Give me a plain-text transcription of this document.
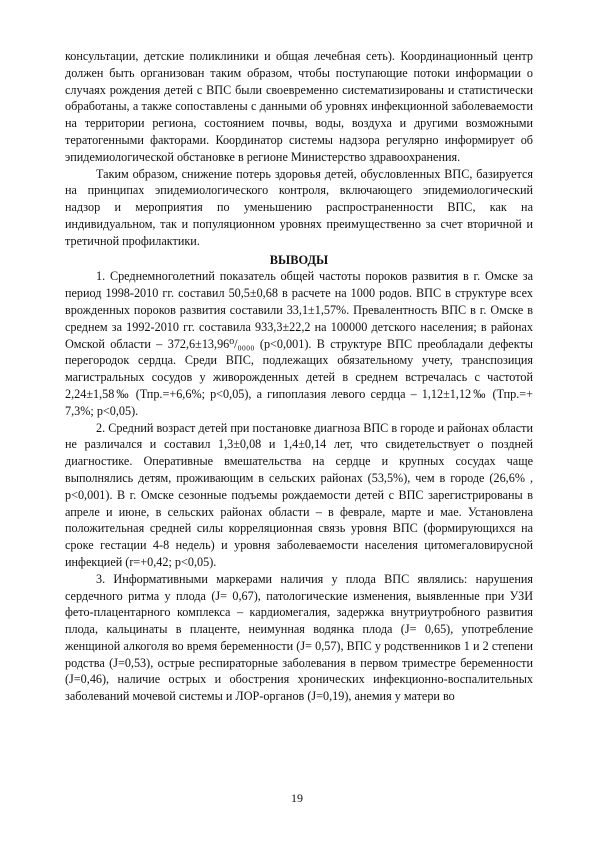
консультации, детские поликлиники и общая лечебная сеть). Координационный центр должен быть организован таким образом, чтобы поступающие потоки информации о случаях рождения детей с ВПС были своевременно систематизированы и статистически обработаны, а также сопоставлены с данными об уровнях инфекционной заболеваемости на территории региона, состоянием почвы, воды, воздуха и другими возможными тератогенными факторами. Координатор системы надзора регулярно информирует об эпидемиологической обстановке в регионе Министерство здравоохранения.

Таким образом, снижение потерь здоровья детей, обусловленных ВПС, базируется на принципах эпидемиологического контроля, включающего эпидемиологический надзор и мероприятия по уменьшению распространенности ВПС, как на индивидуальном, так и популяционном уровнях преимущественно за счет вторичной и третичной профилактики.

ВЫВОДЫ

1. Среднемноголетний показатель общей частоты пороков развития в г. Омске за период 1998-2010 гг. составил 50,5±0,68 в расчете на 1000 родов. ВПС в структуре всех врожденных пороков развития составили 33,1±1,57%. Превалентность ВПС в г. Омске в среднем за 1992-2010 гг. составила 933,3±22,2 на 100000 детского населения; в районах Омской области – 372,6±13,96⁰/₀₀₀₀ (р<0,001). В структуре ВПС преобладали дефекты перегородок сердца. Среди ВПС, подлежащих обязательному учету, транспозиция магистральных сосудов у живорожденных детей в среднем встречалась с частотой 2,24±1,58‰ (Тпр.=+6,6%; р<0,05), а гипоплазия левого сердца – 1,12±1,12‰ (Тпр.=+ 7,3%; р<0,05).

2. Средний возраст детей при постановке диагноза ВПС в городе и районах области не различался и составил 1,3±0,08 и 1,4±0,14 лет, что свидетельствует о поздней диагностике. Оперативные вмешательства на сердце и крупных сосудах чаще выполнялись детям, проживающим в сельских районах (53,5%), чем в городе (26,6% , р<0,001). В г. Омске сезонные подъемы рождаемости детей с ВПС зарегистрированы в апреле и июне, в сельских районах области – в феврале, марте и мае. Установлена положительная средней силы корреляционная связь уровня ВПС (формирующихся на сроке гестации 4-8 недель) и уровня заболеваемости населения цитомегаловирусной инфекцией (r=+0,42; р<0,05).

3. Информативными маркерами наличия у плода ВПС являлись: нарушения сердечного ритма у плода (J= 0,67), патологические изменения, выявленные при УЗИ фето-плацентарного комплекса – кардиомегалия, задержка внутриутробного развития плода, кальцинаты в плаценте, неимунная водянка плода (J= 0,65), употребление женщиной алкоголя во время беременности (J= 0,57), ВПС у родственников 1 и 2 степени родства (J=0,53), острые респираторные заболевания в первом триместре беременности (J=0,46), наличие острых и обострения хронических инфекционно-воспалительных заболеваний мочевой системы и ЛОР-органов (J=0,19), анемия у матери во

19
